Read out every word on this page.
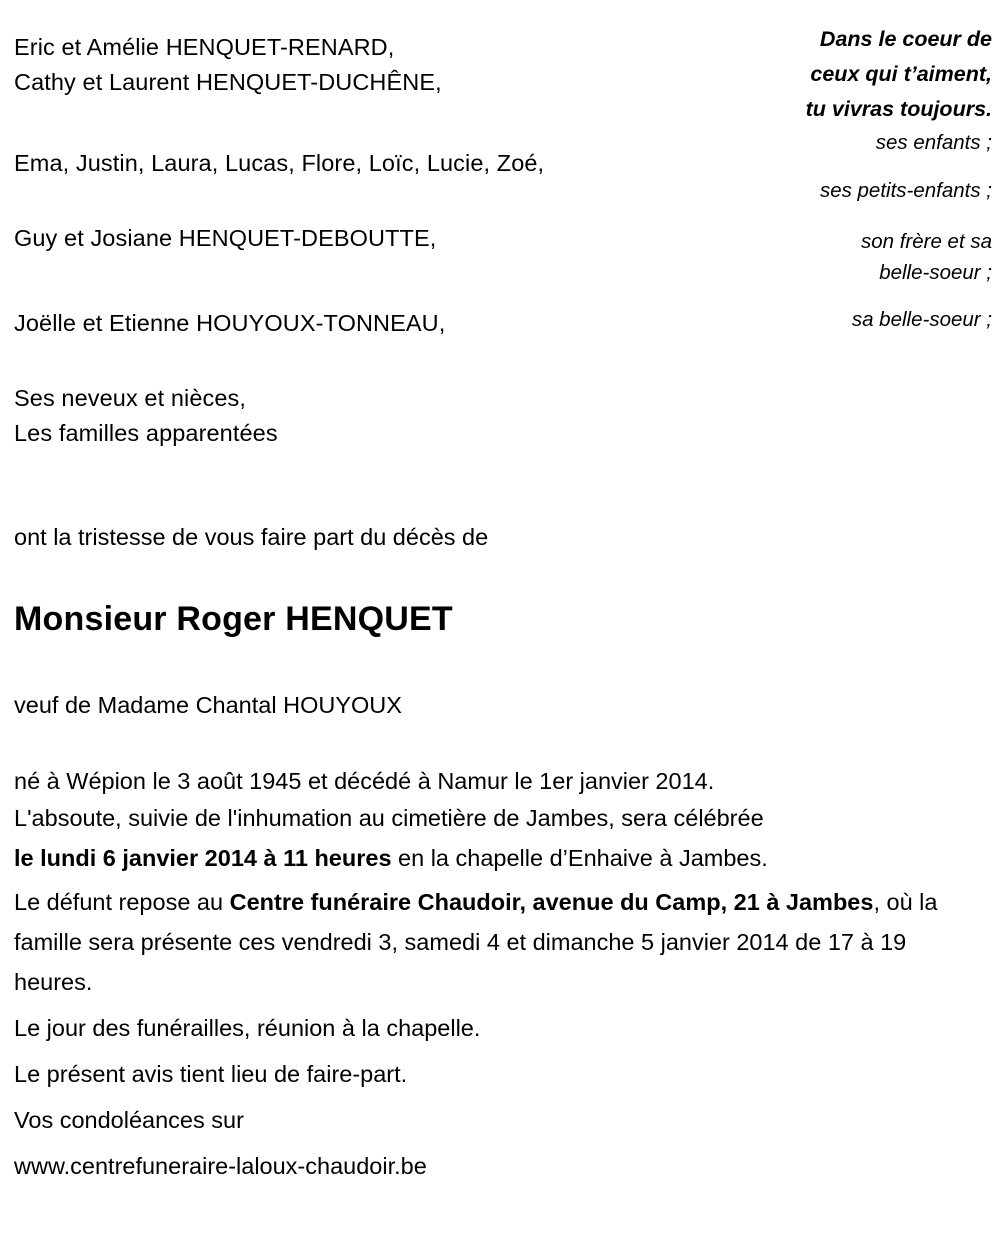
Eric et Amélie HENQUET-RENARD,
Cathy et Laurent HENQUET-DUCHÊNE,
Ema, Justin, Laura, Lucas, Flore, Loïc, Lucie, Zoé,
Guy et Josiane HENQUET-DEBOUTTE,
Joëlle et Etienne HOUYOUX-TONNEAU,
Ses neveux et nièces,
Les familles apparentées
Dans le coeur de
ceux qui t’aiment,
tu vivras toujours.
ses enfants ;
ses petits-enfants ;
son frère et sa
belle-soeur ;
sa belle-soeur ;
ont la tristesse de vous faire part du décès de
Monsieur Roger HENQUET
veuf de Madame Chantal HOUYOUX
né à Wépion le 3 août 1945 et décédé à Namur le 1er janvier 2014.
L'absoute, suivie de l'inhumation au cimetière de Jambes, sera célébrée
le lundi 6 janvier 2014 à 11 heures en la chapelle d’Enhaive à Jambes.
Le défunt repose au Centre funéraire Chaudoir, avenue du Camp, 21 à Jambes, où la famille sera présente ces vendredi 3, samedi 4 et dimanche 5 janvier 2014 de 17 à 19 heures.
Le jour des funérailles, réunion à la chapelle.
Le présent avis tient lieu de faire-part.
Vos condoléances sur
www.centrefuneraire-laloux-chaudoir.be
